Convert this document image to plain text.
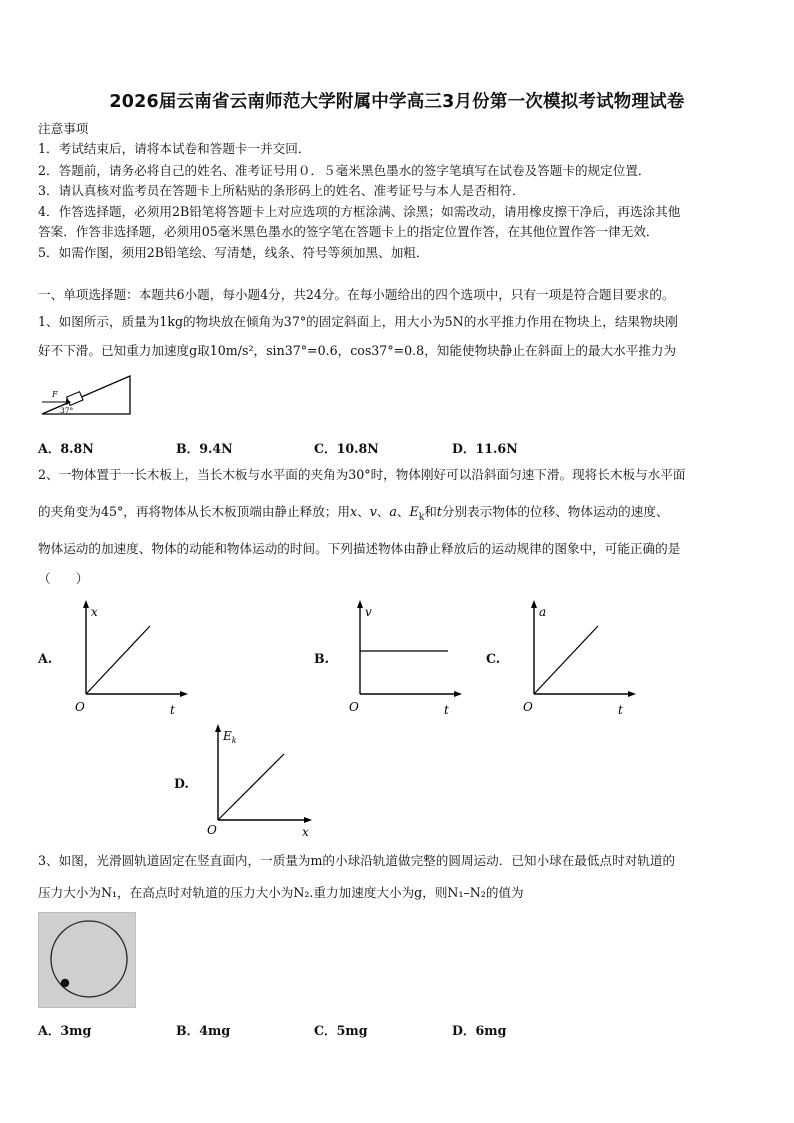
2026届云南省云南师范大学附属中学高三3月份第一次模拟考试物理试卷
注意事项
1．考试结束后，请将本试卷和答题卡一并交回．
2．答题前，请务必将自己的姓名、准考证号用０．５毫米黑色墨水的签字笔填写在试卷及答题卡的规定位置．
3．请认真核对监考员在答题卡上所粘贴的条形码上的姓名、准考证号与本人是否相符．
4．作答选择题，必须用2B铅笔将答题卡上对应选项的方框涂满、涂黑；如需改动，请用橡皮擦干净后，再选涂其他
答案．作答非选择题，必须用05毫米黑色墨水的签字笔在答题卡上的指定位置作答，在其他位置作答一律无效．
5．如需作图，须用2B铅笔绘、写清楚，线条、符号等须加黑、加粗．
一、单项选择题：本题共6小题，每小题4分，共24分。在每小题给出的四个选项中，只有一项是符合题目要求的。
1、如图所示，质量为1kg的物块放在倾角为37°的固定斜面上，用大小为5N的水平推力作用在物块上，结果物块刚
好不下滑。已知重力加速度g取10m/s²，sin37°=0.6，cos37°=0.8，知能使物块静止在斜面上的最大水平推力为
F
37°
A．8.8N	B．9.4N	C．10.8N	D．11.6N
2、一物体置于一长木板上，当长木板与水平面的夹角为30°时，物体刚好可以沿斜面匀速下滑。现将长木板与水平面
的夹角变为45°，再将物体从长木板顶端由静止释放；用x、v、a、$E_k$和t分别表示物体的位移、物体运动的速度、
物体运动的加速度、物体的动能和物体运动的时间。下列描述物体由静止释放后的运动规律的图象中，可能正确的是
（　　）
A.
x
t
O
B.
v
t
O
C.
a
t
O
D.
$E_k$
x
O
3、如图，光滑圆轨道固定在竖直面内，一质量为m的小球沿轨道做完整的圆周运动．已知小球在最低点时对轨道的
压力大小为N₁，在高点时对轨道的压力大小为N₂.重力加速度大小为g，则N₁–N₂的值为
A．3mg	B．4mg	C．5mg	D．6mg
